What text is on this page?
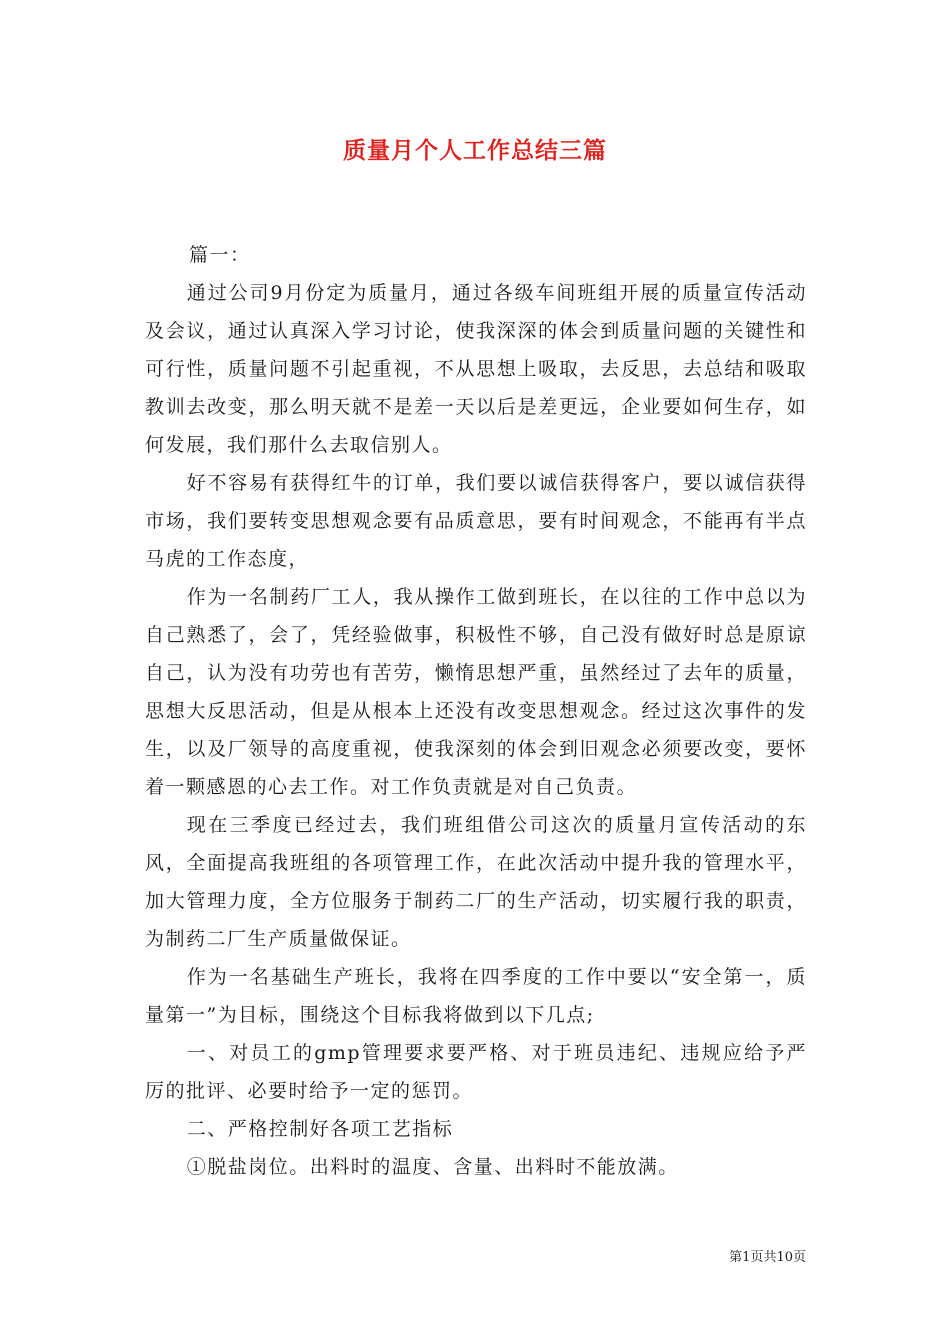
质量月个人工作总结三篇
篇一：

通过公司9月份定为质量月，通过各级车间班组开展的质量宣传活动及会议，通过认真深入学习讨论，使我深深的体会到质量问题的关键性和可行性，质量问题不引起重视，不从思想上吸取，去反思，去总结和吸取教训去改变，那么明天就不是差一天以后是差更远，企业要如何生存，如何发展，我们那什么去取信别人。

好不容易有获得红牛的订单，我们要以诚信获得客户，要以诚信获得市场，我们要转变思想观念要有品质意思，要有时间观念，不能再有半点马虎的工作态度，

作为一名制药厂工人，我从操作工做到班长，在以往的工作中总以为自己熟悉了，会了，凭经验做事，积极性不够，自己没有做好时总是原谅自己，认为没有功劳也有苦劳，懒惰思想严重，虽然经过了去年的质量，思想大反思活动，但是从根本上还没有改变思想观念。经过这次事件的发生，以及厂领导的高度重视，使我深刻的体会到旧观念必须要改变，要怀着一颗感恩的心去工作。对工作负责就是对自己负责。

现在三季度已经过去，我们班组借公司这次的质量月宣传活动的东风，全面提高我班组的各项管理工作，在此次活动中提升我的管理水平，加大管理力度，全方位服务于制药二厂的生产活动，切实履行我的职责，为制药二厂生产质量做保证。

作为一名基础生产班长，我将在四季度的工作中要以“安全第一，质量第一”为目标，围绕这个目标我将做到以下几点;

一、对员工的gmp管理要求要严格、对于班员违纪、违规应给予严厉的批评、必要时给予一定的惩罚。

二、严格控制好各项工艺指标

①脱盐岗位。出料时的温度、含量、出料时不能放满。

第1页共10页
